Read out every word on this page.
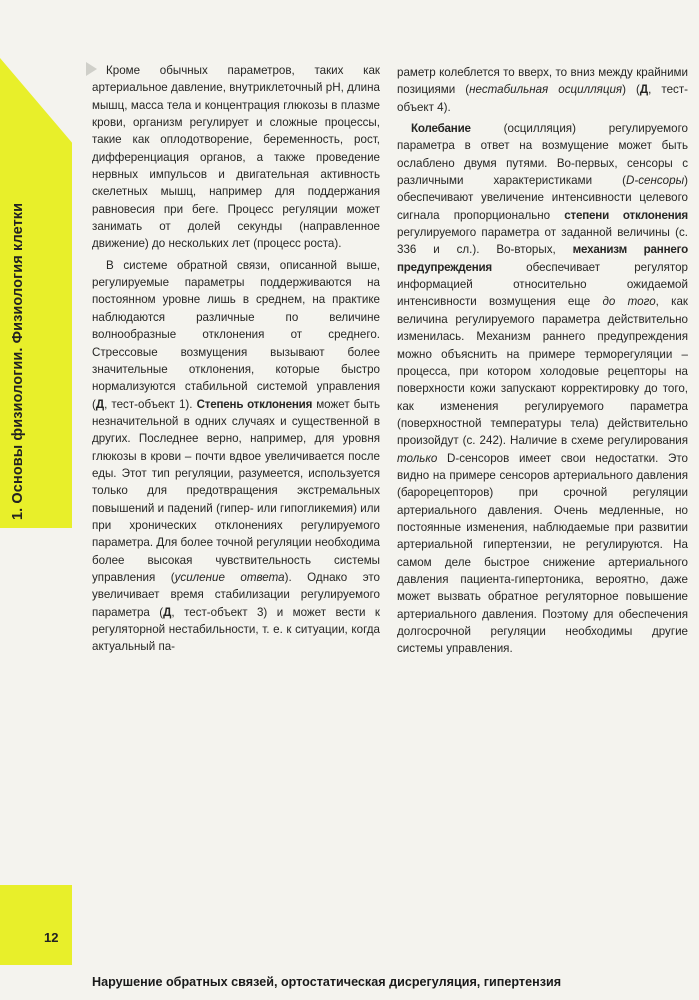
1. Основы физиологии. Физиология клетки
12

Кроме обычных параметров, таких как артериальное давление, внутриклеточный pH, длина мышц, масса тела и концентрация глюкозы в плазме крови, организм регулирует и сложные процессы, такие как оплодотворение, беременность, рост, дифференциация органов, а также проведение нервных импульсов и двигательная активность скелетных мышц, например для поддержания равновесия при беге. Процесс регуляции может занимать от долей секунды (направленное движение) до нескольких лет (процесс роста).

В системе обратной связи, описанной выше, регулируемые параметры поддерживаются на постоянном уровне лишь в среднем, на практике наблюдаются различные по величине волнообразные отклонения от среднего. Стрессовые возмущения вызывают более значительные отклонения, которые быстро нормализуются стабильной системой управления (Д, тест-объект 1). Степень отклонения может быть незначительной в одних случаях и существенной в других. Последнее верно, например, для уровня глюкозы в крови – почти вдвое увеличивается после еды. Этот тип регуляции, разумеется, используется только для предотвращения экстремальных повышений и падений (гипер- или гипогликемия) или при хронических отклонениях регулируемого параметра. Для более точной регуляции необходима более высокая чувствительность системы управления (усиление ответа). Однако это увеличивает время стабилизации регулируемого параметра (Д, тест-объект 3) и может вести к регуляторной нестабильности, т. е. к ситуации, когда актуальный па-

раметр колеблется то вверх, то вниз между крайними позициями (нестабильная осцилляция) (Д, тест-объект 4).

Колебание (осцилляция) регулируемого параметра в ответ на возмущение может быть ослаблено двумя путями. Во-первых, сенсоры с различными характеристиками (D-сенсоры) обеспечивают увеличение интенсивности целевого сигнала пропорционально степени отклонения регулируемого параметра от заданной величины (с. 336 и сл.). Во-вторых, механизм раннего предупреждения обеспечивает регулятор информацией относительно ожидаемой интенсивности возмущения еще до того, как величина регулируемого параметра действительно изменилась. Механизм раннего предупреждения можно объяснить на примере терморегуляции – процесса, при котором холодовые рецепторы на поверхности кожи запускают корректировку до того, как изменения регулируемого параметра (поверхностной температуры тела) действительно произойдут (с. 242). Наличие в схеме регулирования только D-сенсоров имеет свои недостатки. Это видно на примере сенсоров артериального давления (барорецепторов) при срочной регуляции артериального давления. Очень медленные, но постоянные изменения, наблюдаемые при развитии артериальной гипертензии, не регулируются. На самом деле быстрое снижение артериального давления пациента-гипертоника, вероятно, даже может вызвать обратное регуляторное повышение артериального давления. Поэтому для обеспечения долгосрочной регуляции необходимы другие системы управления.

Нарушение обратных связей, ортостатическая дисрегуляция, гипертензия
